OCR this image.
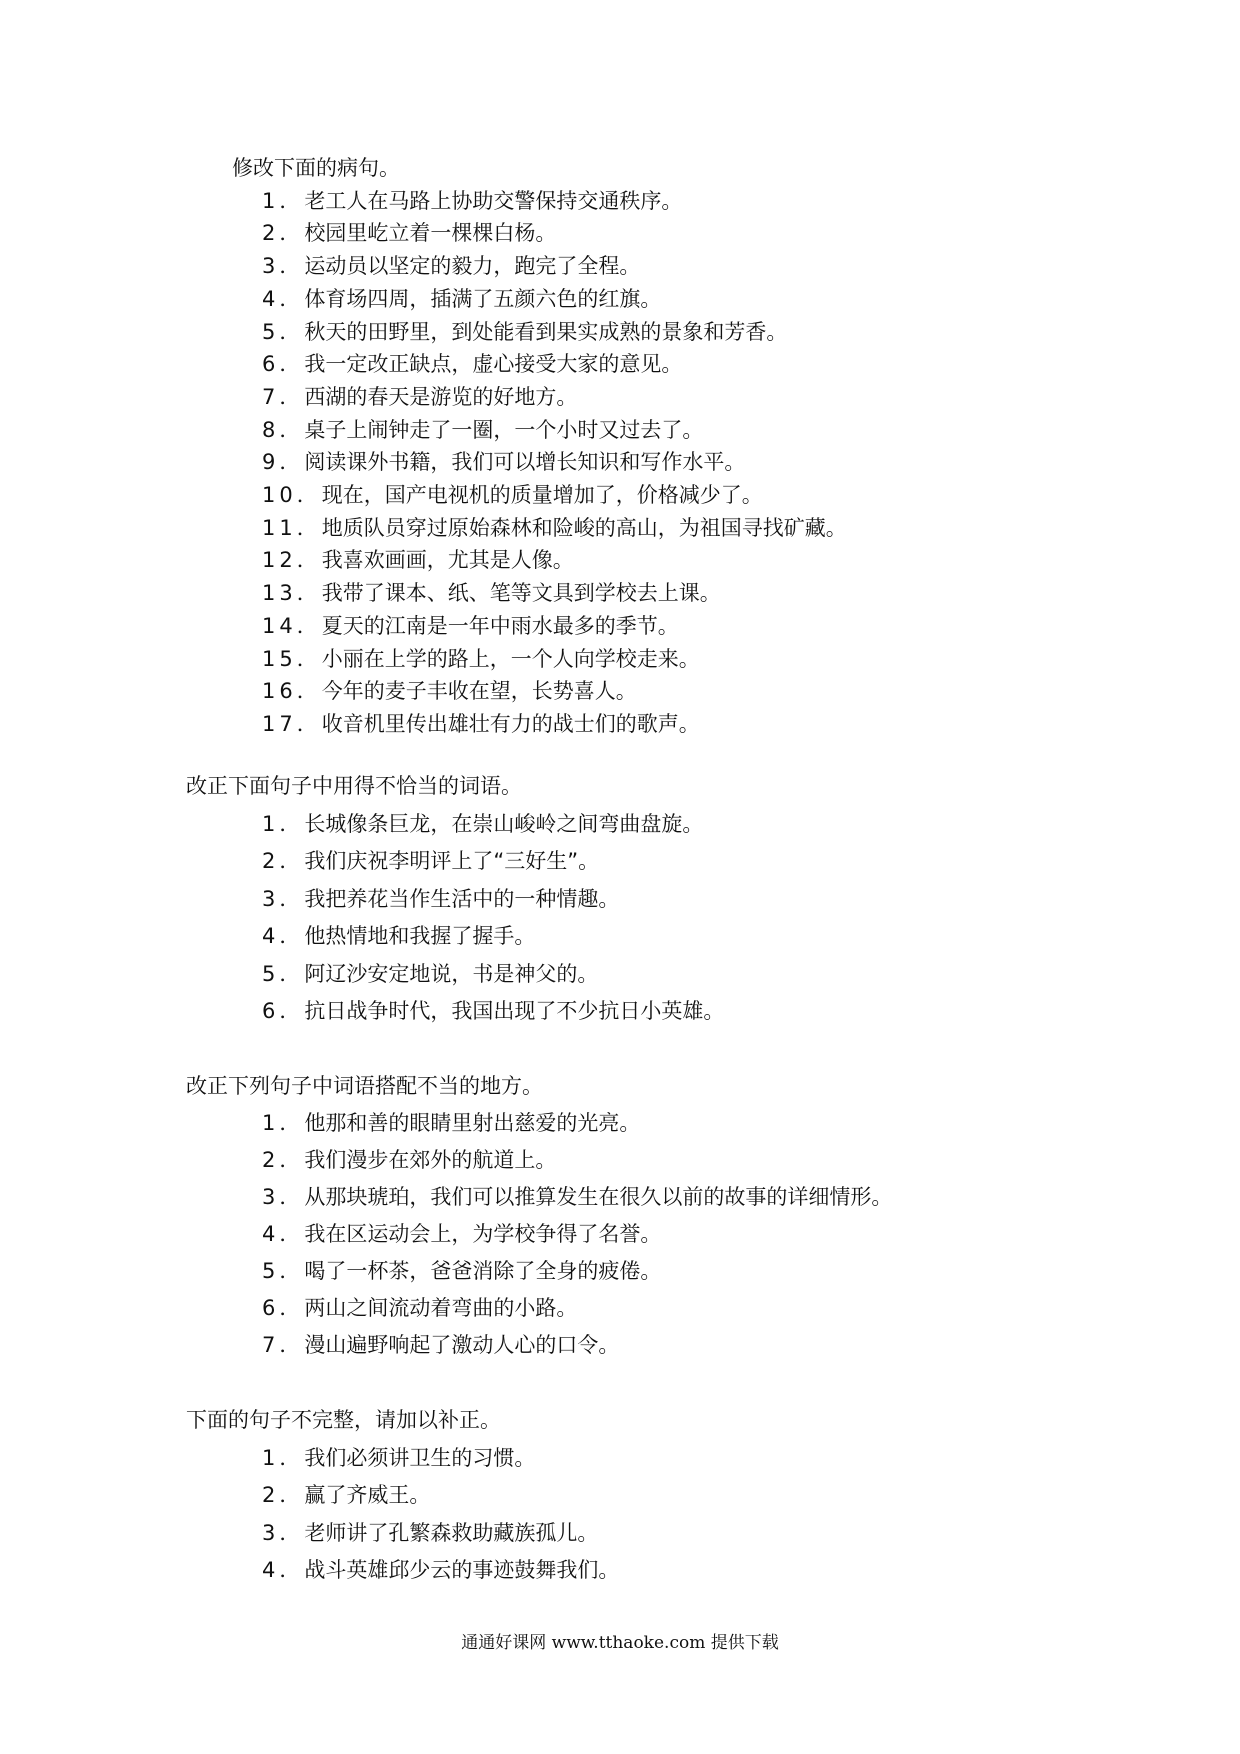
修改下面的病句。
1．老工人在马路上协助交警保持交通秩序。
2．校园里屹立着一棵棵白杨。
3．运动员以坚定的毅力，跑完了全程。
4．体育场四周，插满了五颜六色的红旗。
5．秋天的田野里，到处能看到果实成熟的景象和芳香。
6．我一定改正缺点，虚心接受大家的意见。
7．西湖的春天是游览的好地方。
8．桌子上闹钟走了一圈，一个小时又过去了。
9．阅读课外书籍，我们可以增长知识和写作水平。
10．现在，国产电视机的质量增加了，价格减少了。
11．地质队员穿过原始森林和险峻的高山，为祖国寻找矿藏。
12．我喜欢画画，尤其是人像。
13．我带了课本、纸、笔等文具到学校去上课。
14．夏天的江南是一年中雨水最多的季节。
15．小丽在上学的路上，一个人向学校走来。
16．今年的麦子丰收在望，长势喜人。
17．收音机里传出雄壮有力的战士们的歌声。
改正下面句子中用得不恰当的词语。
1．长城像条巨龙，在崇山峻岭之间弯曲盘旋。
2．我们庆祝李明评上了“三好生”。
3．我把养花当作生活中的一种情趣。
4．他热情地和我握了握手。
5．阿辽沙安定地说，书是神父的。
6．抗日战争时代，我国出现了不少抗日小英雄。
改正下列句子中词语搭配不当的地方。
1．他那和善的眼睛里射出慈爱的光亮。
2．我们漫步在郊外的航道上。
3．从那块琥珀，我们可以推算发生在很久以前的故事的详细情形。
4．我在区运动会上，为学校争得了名誉。
5．喝了一杯茶，爸爸消除了全身的疲倦。
6．两山之间流动着弯曲的小路。
7．漫山遍野响起了激动人心的口令。
下面的句子不完整，请加以补正。
1．我们必须讲卫生的习惯。
2．赢了齐威王。
3．老师讲了孔繁森救助藏族孤儿。
4．战斗英雄邱少云的事迹鼓舞我们。
通通好课网 www.tthaoke.com 提供下载
